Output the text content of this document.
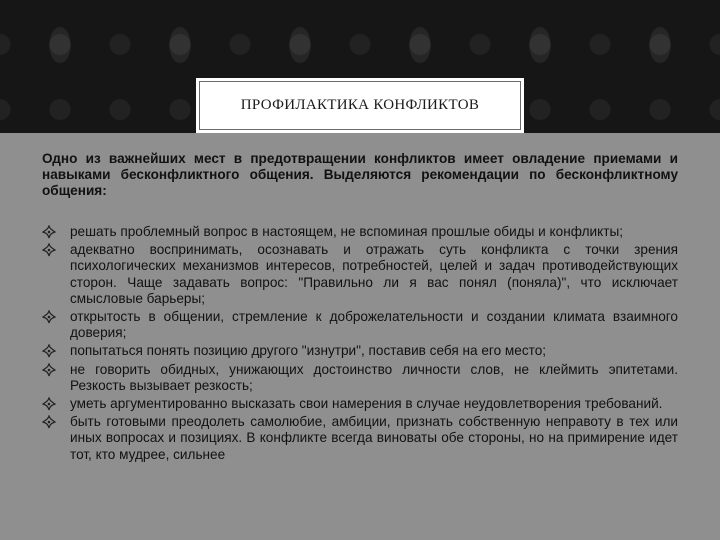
ПРОФИЛАКТИКА КОНФЛИКТОВ

Одно из важнейших мест в предотвращении конфликтов имеет овладение приемами и навыками бесконфликтного общения. Выделяются рекомендации по бесконфликтному общения:

решать проблемный вопрос в настоящем, не вспоминая прошлые обиды и конфликты;
адекватно воспринимать, осознавать и отражать суть конфликта с точки зрения психологических механизмов интересов, потребностей, целей и задач противодействующих сторон. Чаще задавать вопрос: "Правильно ли я вас понял (поняла)", что исключает смысловые барьеры;
открытость в общении, стремление к доброжелательности и создании климата взаимного доверия;
попытаться понять позицию другого "изнутри", поставив себя на его место;
не говорить обидных, унижающих достоинство личности слов, не клеймить эпитетами. Резкость вызывает резкость;
уметь аргументированно высказать свои намерения в случае неудовлетворения требований.
быть готовыми преодолеть самолюбие, амбиции, признать собственную неправоту в тех или иных вопросах и позициях. В конфликте всегда виноваты обе стороны, но на примирение идет тот, кто мудрее, сильнее
